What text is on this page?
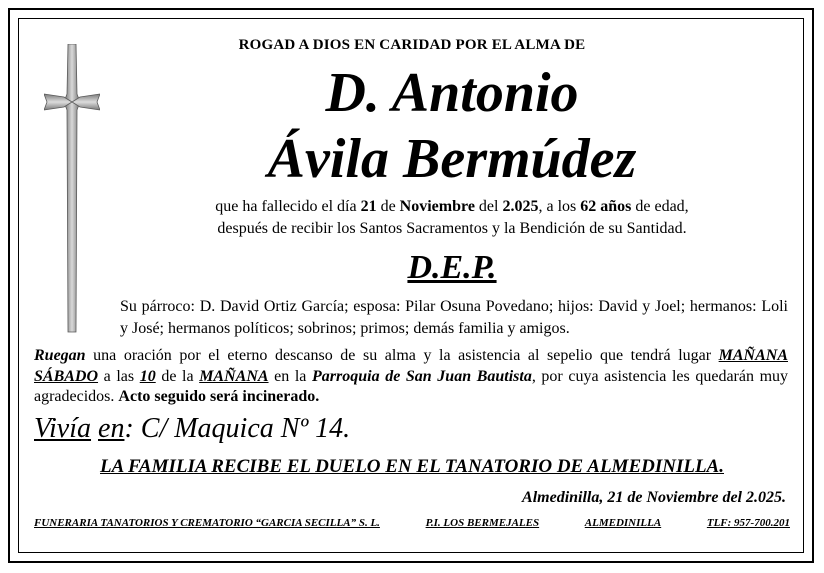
ROGAD A DIOS EN CARIDAD POR EL ALMA DE
D. Antonio
Ávila Bermúdez
que ha fallecido el día 21 de Noviembre del 2.025, a los 62 años de edad,
después de recibir los Santos Sacramentos y la Bendición de su Santidad.
D.E.P.
Su párroco: D. David Ortiz García; esposa: Pilar Osuna Povedano; hijos: David y Joel; hermanos: Loli y José; hermanos políticos; sobrinos; primos; demás familia y amigos.
Ruegan una oración por el eterno descanso de su alma y la asistencia al sepelio que tendrá lugar MAÑANA SÁBADO a las 10 de la MAÑANA en la Parroquia de San Juan Bautista, por cuya asistencia les quedarán muy agradecidos. Acto seguido será incinerado.
Vivía en: C/ Maquica Nº 14.
LA FAMILIA RECIBE EL DUELO EN EL TANATORIO DE ALMEDINILLA.
Almedinilla, 21 de Noviembre del 2.025.
FUNERARIA TANATORIOS Y CREMATORIO “GARCIA SECILLA” S. L.	P.I. LOS BERMEJALES	ALMEDINILLA	TLF: 957-700.201
